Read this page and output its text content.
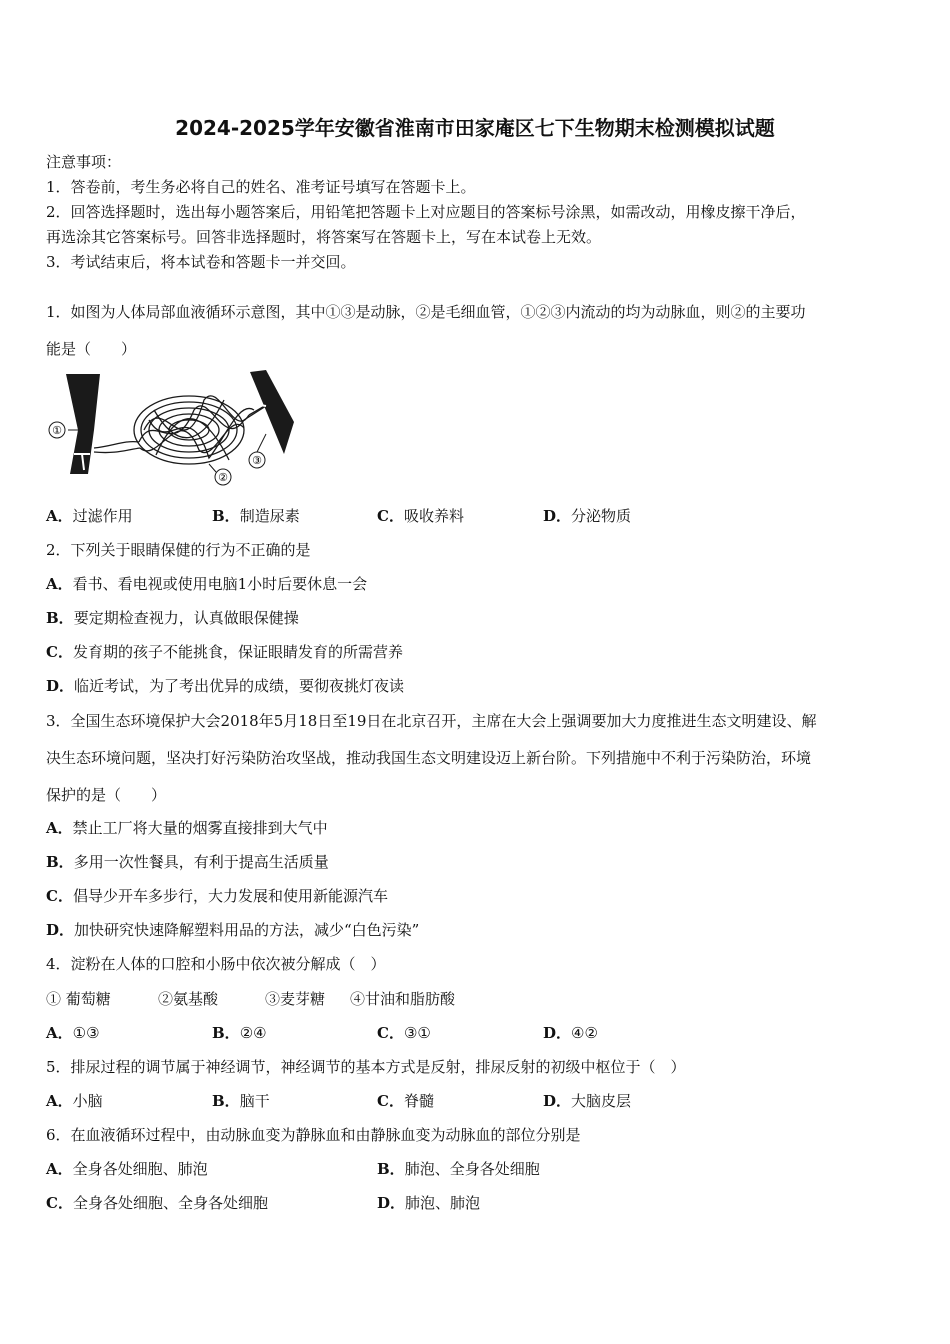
2024-2025学年安徽省淮南市田家庵区七下生物期末检测模拟试题
注意事项：
1．答卷前，考生务必将自己的姓名、准考证号填写在答题卡上。
2．回答选择题时，选出每小题答案后，用铅笔把答题卡上对应题目的答案标号涂黑，如需改动，用橡皮擦干净后，
再选涂其它答案标号。回答非选择题时，将答案写在答题卡上，写在本试卷上无效。
3．考试结束后，将本试卷和答题卡一并交回。
1．如图为人体局部血液循环示意图，其中①③是动脉，②是毛细血管，①②③内流动的均为动脉血，则②的主要功
能是（　　）
①
②
③
A．过滤作用	B．制造尿素	C．吸收养料	D．分泌物质
2．下列关于眼睛保健的行为不正确的是
A．看书、看电视或使用电脑1小时后要休息一会
B．要定期检查视力，认真做眼保健操
C．发育期的孩子不能挑食，保证眼睛发育的所需营养
D．临近考试，为了考出优异的成绩，要彻夜挑灯夜读
3．全国生态环境保护大会2018年5月18日至19日在北京召开，主席在大会上强调要加大力度推进生态文明建设、解
决生态环境问题，坚决打好污染防治攻坚战，推动我国生态文明建设迈上新台阶。下列措施中不利于污染防治，环境
保护的是（　　）
A．禁止工厂将大量的烟雾直接排到大气中
B．多用一次性餐具，有利于提高生活质量
C．倡导少开车多步行，大力发展和使用新能源汽车
D．加快研究快速降解塑料用品的方法，减少“白色污染”
4．淀粉在人体的口腔和小肠中依次被分解成（　）
① 葡萄糖	②氨基酸	③麦芽糖 ④甘油和脂肪酸
A．①③	B．②④	C．③①	D．④②
5．排尿过程的调节属于神经调节，神经调节的基本方式是反射，排尿反射的初级中枢位于（　）
A．小脑	B．脑干	C．脊髓	D．大脑皮层
6．在血液循环过程中，由动脉血变为静脉血和由静脉血变为动脉血的部位分别是
A．全身各处细胞、肺泡	B．肺泡、全身各处细胞
C．全身各处细胞、全身各处细胞	D．肺泡、肺泡
